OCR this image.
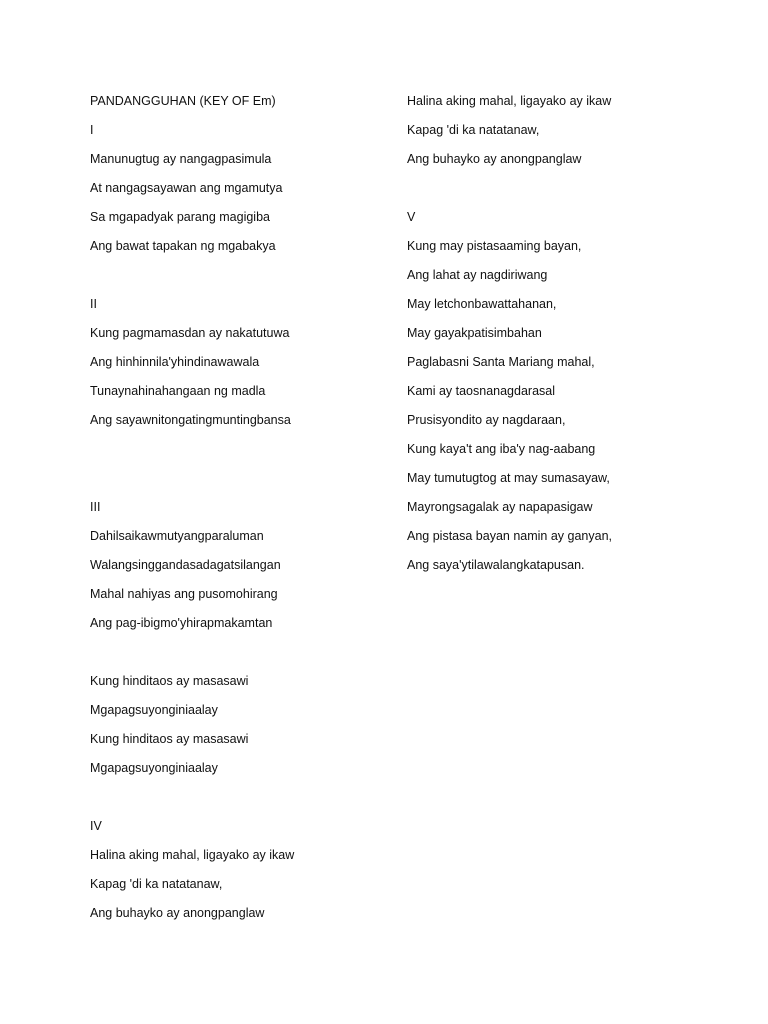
PANDANGGUHAN (KEY OF Em)
I
Manunugtug ay nangagpasimula
At nangagsayawan ang mgamutya
Sa mgapadyak parang magigiba
Ang bawat tapakan ng mgabakya
II
Kung pagmamasdan ay nakatutuwa
Ang hinhinnila'yhindinawawala
Tunaynahinahangaan ng madla
Ang sayawnitongatingmuntingbansa
III
Dahilsaikawmutyangparaluman
Walangsinggandasadagatsilangan
Mahal nahiyas ang pusomohirang
Ang pag-ibigmo'yhirapmakamtan
Kung hinditaos ay masasawi
Mgapagsuyonginiaalay
Kung hinditaos ay masasawi
Mgapagsuyonginiaalay
IV
Halina aking mahal, ligayako ay ikaw
Kapag 'di ka natatanaw,
Ang buhayko ay anongpanglaw
Halina aking mahal, ligayako ay ikaw
Kapag 'di ka natatanaw,
Ang buhayko ay anongpanglaw
V
Kung may pistasaaming bayan,
Ang lahat ay nagdiriwang
May letchonbawattahanan,
May gayakpatisimbahan
Paglabasni Santa Mariang mahal,
Kami ay taosnanagdarasal
Prusisyondito ay nagdaraan,
Kung kaya't ang iba'y nag-aabang
May tumutugtog at may sumasayaw,
Mayrongsagalak ay napapasigaw
Ang pistasa bayan namin ay ganyan,
Ang saya'ytilawalangkatapusan.
